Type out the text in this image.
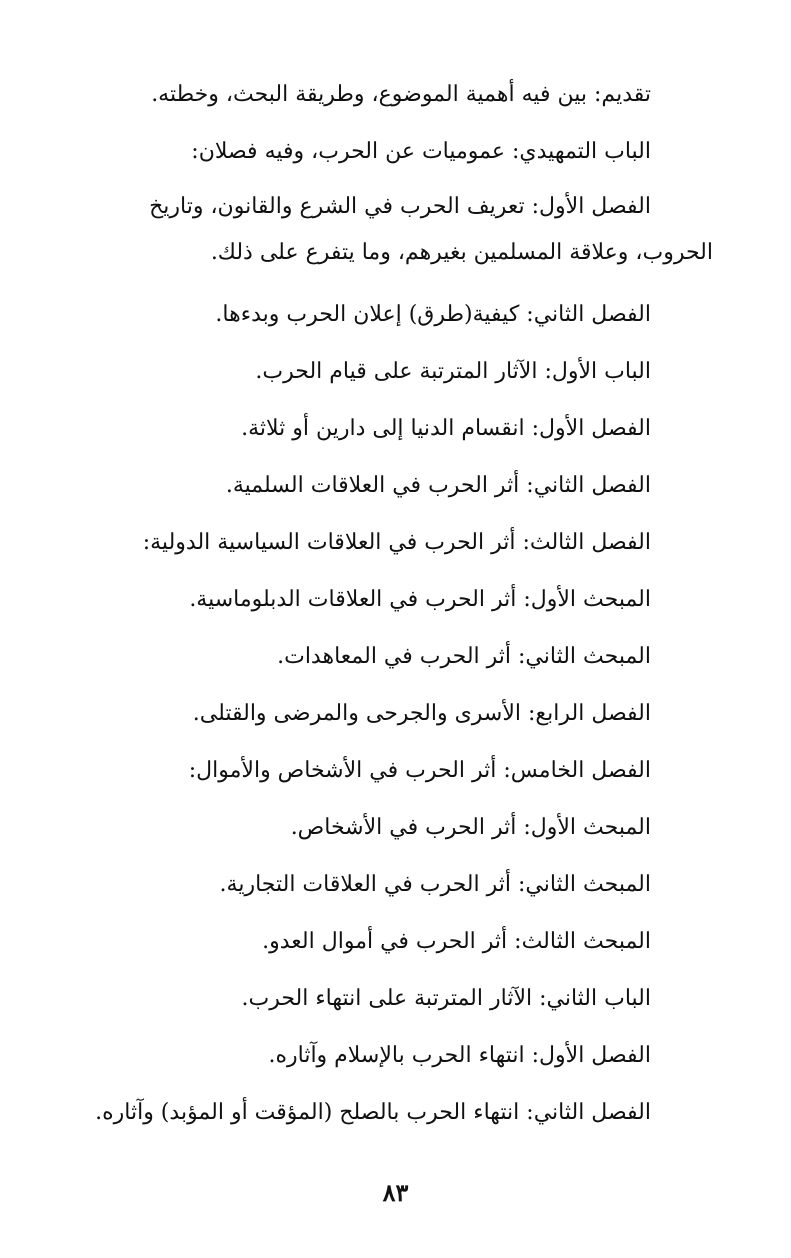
تقديم: بين فيه أهمية الموضوع، وطريقة البحث، وخطته.

الباب التمهيدي: عموميات عن الحرب، وفيه فصلان:

الفصل الأول: تعريف الحرب في الشرع والقانون، وتاريخ
الحروب، وعلاقة المسلمين بغيرهم، وما يتفرع على ذلك.

الفصل الثاني: كيفية(طرق) إعلان الحرب وبدءها.

الباب الأول: الآثار المترتبة على قيام الحرب.

الفصل الأول: انقسام الدنيا إلى دارين أو ثلاثة.

الفصل الثاني: أثر الحرب في العلاقات السلمية.

الفصل الثالث: أثر الحرب في العلاقات السياسية الدولية:

المبحث الأول: أثر الحرب في العلاقات الدبلوماسية.

المبحث الثاني: أثر الحرب في المعاهدات.

الفصل الرابع: الأسرى والجرحى والمرضى والقتلى.

الفصل الخامس: أثر الحرب في الأشخاص والأموال:

المبحث الأول: أثر الحرب في الأشخاص.

المبحث الثاني: أثر الحرب في العلاقات التجارية.

المبحث الثالث: أثر الحرب في أموال العدو.

الباب الثاني: الآثار المترتبة على انتهاء الحرب.

الفصل الأول: انتهاء الحرب بالإسلام وآثاره.

الفصل الثاني: انتهاء الحرب بالصلح (المؤقت أو المؤبد) وآثاره.

٨٣
